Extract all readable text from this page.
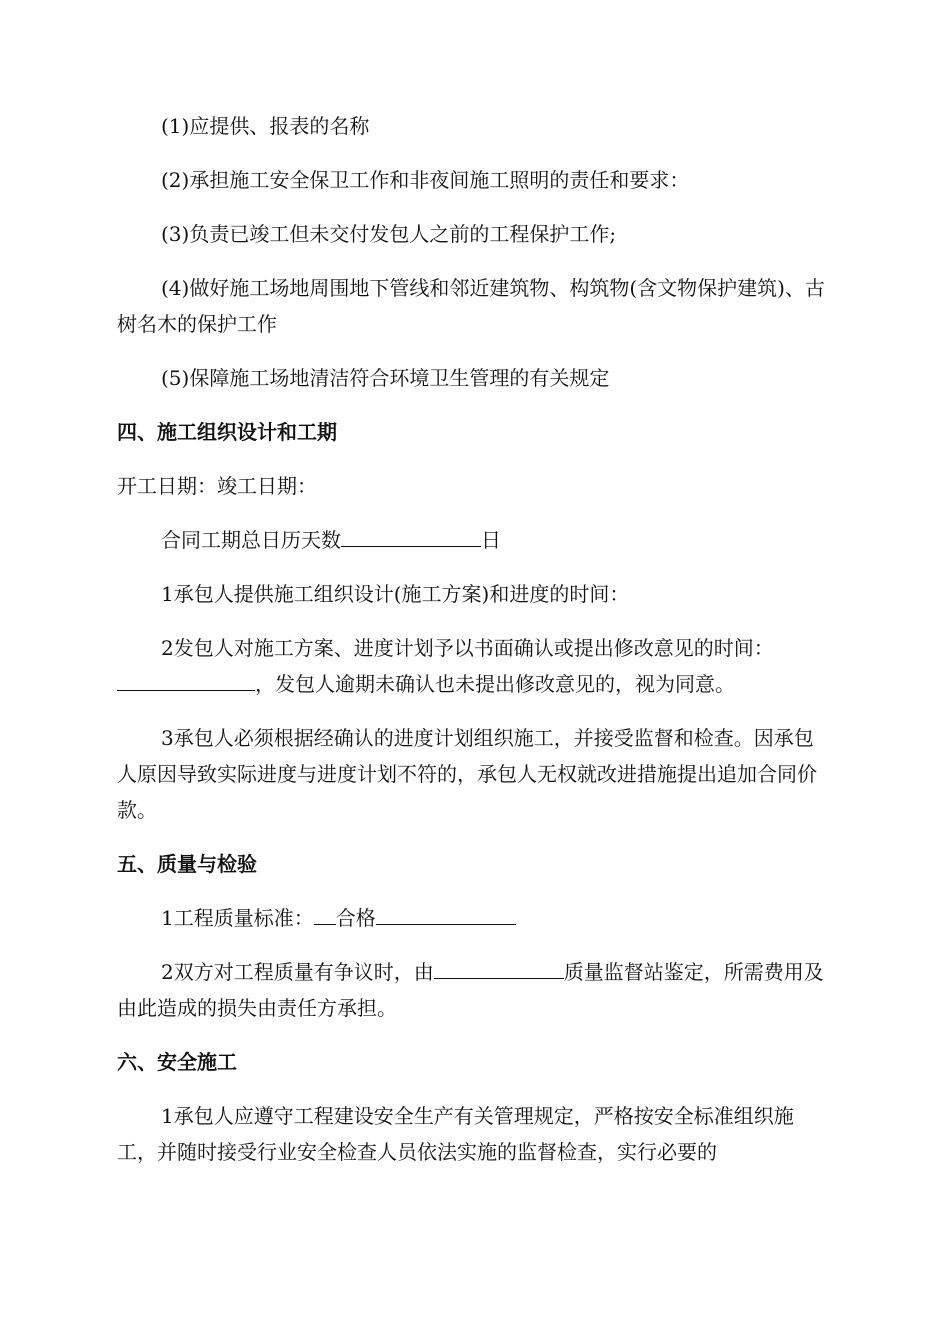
(1)应提供、报表的名称

(2)承担施工安全保卫工作和非夜间施工照明的责任和要求：

(3)负责已竣工但未交付发包人之前的工程保护工作;

(4)做好施工场地周围地下管线和邻近建筑物、构筑物(含文物保护建筑)、古树名木的保护工作

(5)保障施工场地清洁符合环境卫生管理的有关规定

四、施工组织设计和工期

开工日期：竣工日期：

合同工期总日历天数	日

1承包人提供施工组织设计(施工方案)和进度的时间：

2发包人对施工方案、进度计划予以书面确认或提出修改意见的时间：，发包人逾期未确认也未提出修改意见的，视为同意。

3承包人必须根据经确认的进度计划组织施工，并接受监督和检查。因承包人原因导致实际进度与进度计划不符的，承包人无权就改进措施提出追加合同价款。

五、质量与检验

1工程质量标准： 合格

2双方对工程质量有争议时，由	质量监督站鉴定，所需费用及由此造成的损失由责任方承担。

六、安全施工

1承包人应遵守工程建设安全生产有关管理规定，严格按安全标准组织施工，并随时接受行业安全检查人员依法实施的监督检查，实行必要的
